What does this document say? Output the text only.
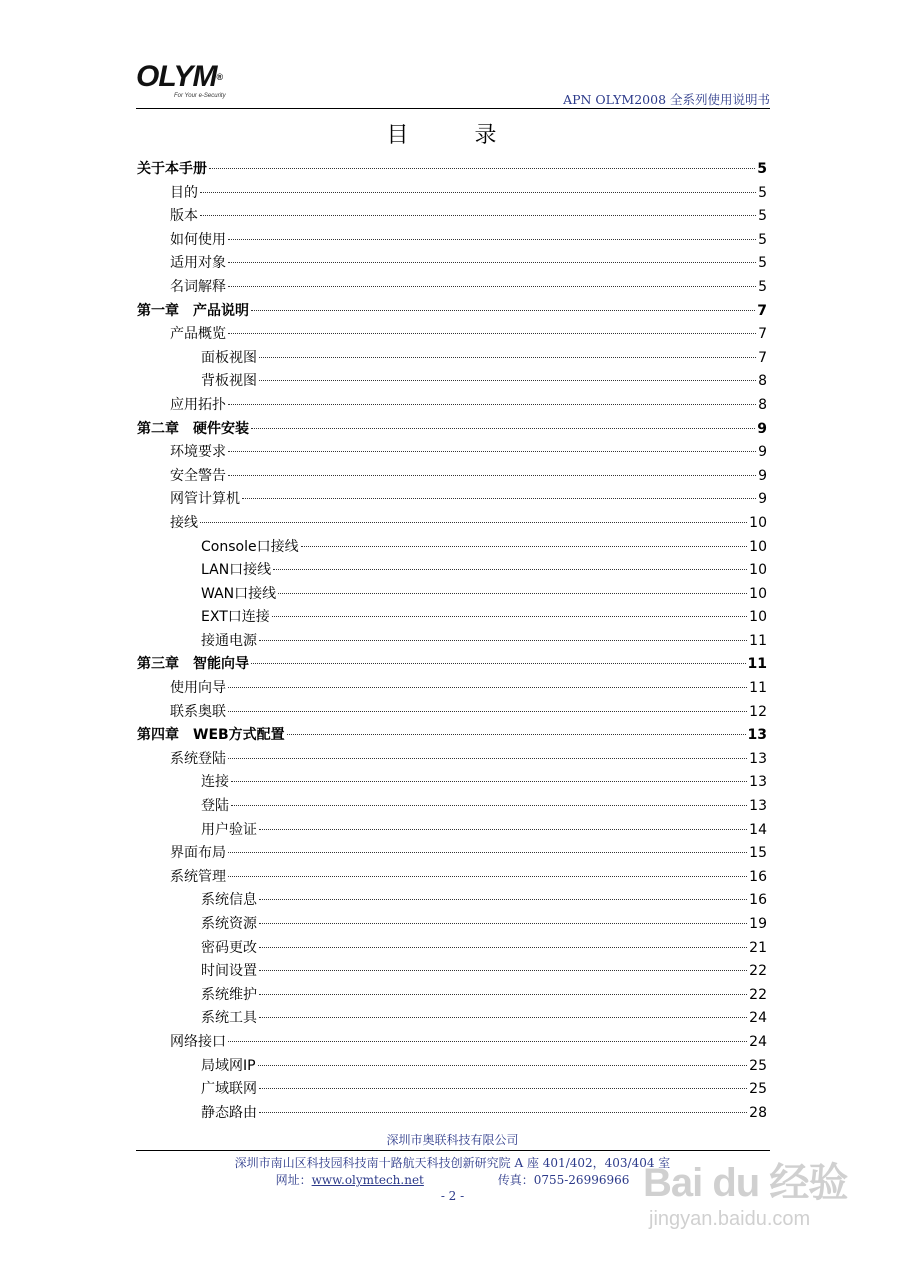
OLYM®
For Your e-Security	APN OLYM2008 全系列使用说明书
目　录
关于本手册	5
目的	5
版本	5
如何使用	5
适用对象	5
名词解释	5
第一章　产品说明	7
产品概览	7
面板视图	7
背板视图	8
应用拓扑	8
第二章　硬件安装	9
环境要求	9
安全警告	9
网管计算机	9
接线	10
Console口接线	10
LAN口接线	10
WAN口接线	10
EXT口连接	10
接通电源	11
第三章　智能向导	11
使用向导	11
联系奥联	12
第四章　WEB方式配置	13
系统登陆	13
连接	13
登陆	13
用户验证	14
界面布局	15
系统管理	16
系统信息	16
系统资源	19
密码更改	21
时间设置	22
系统维护	22
系统工具	24
网络接口	24
局域网IP	25
广域联网	25
静态路由	28
深圳市奥联科技有限公司
深圳市南山区科技园科技南十路航天科技创新研究院 A 座 401/402，403/404 室
网址：www.olymtech.net	传真：0755-26996966
- 2 -	Bai du 经验
jingyan.baidu.com
